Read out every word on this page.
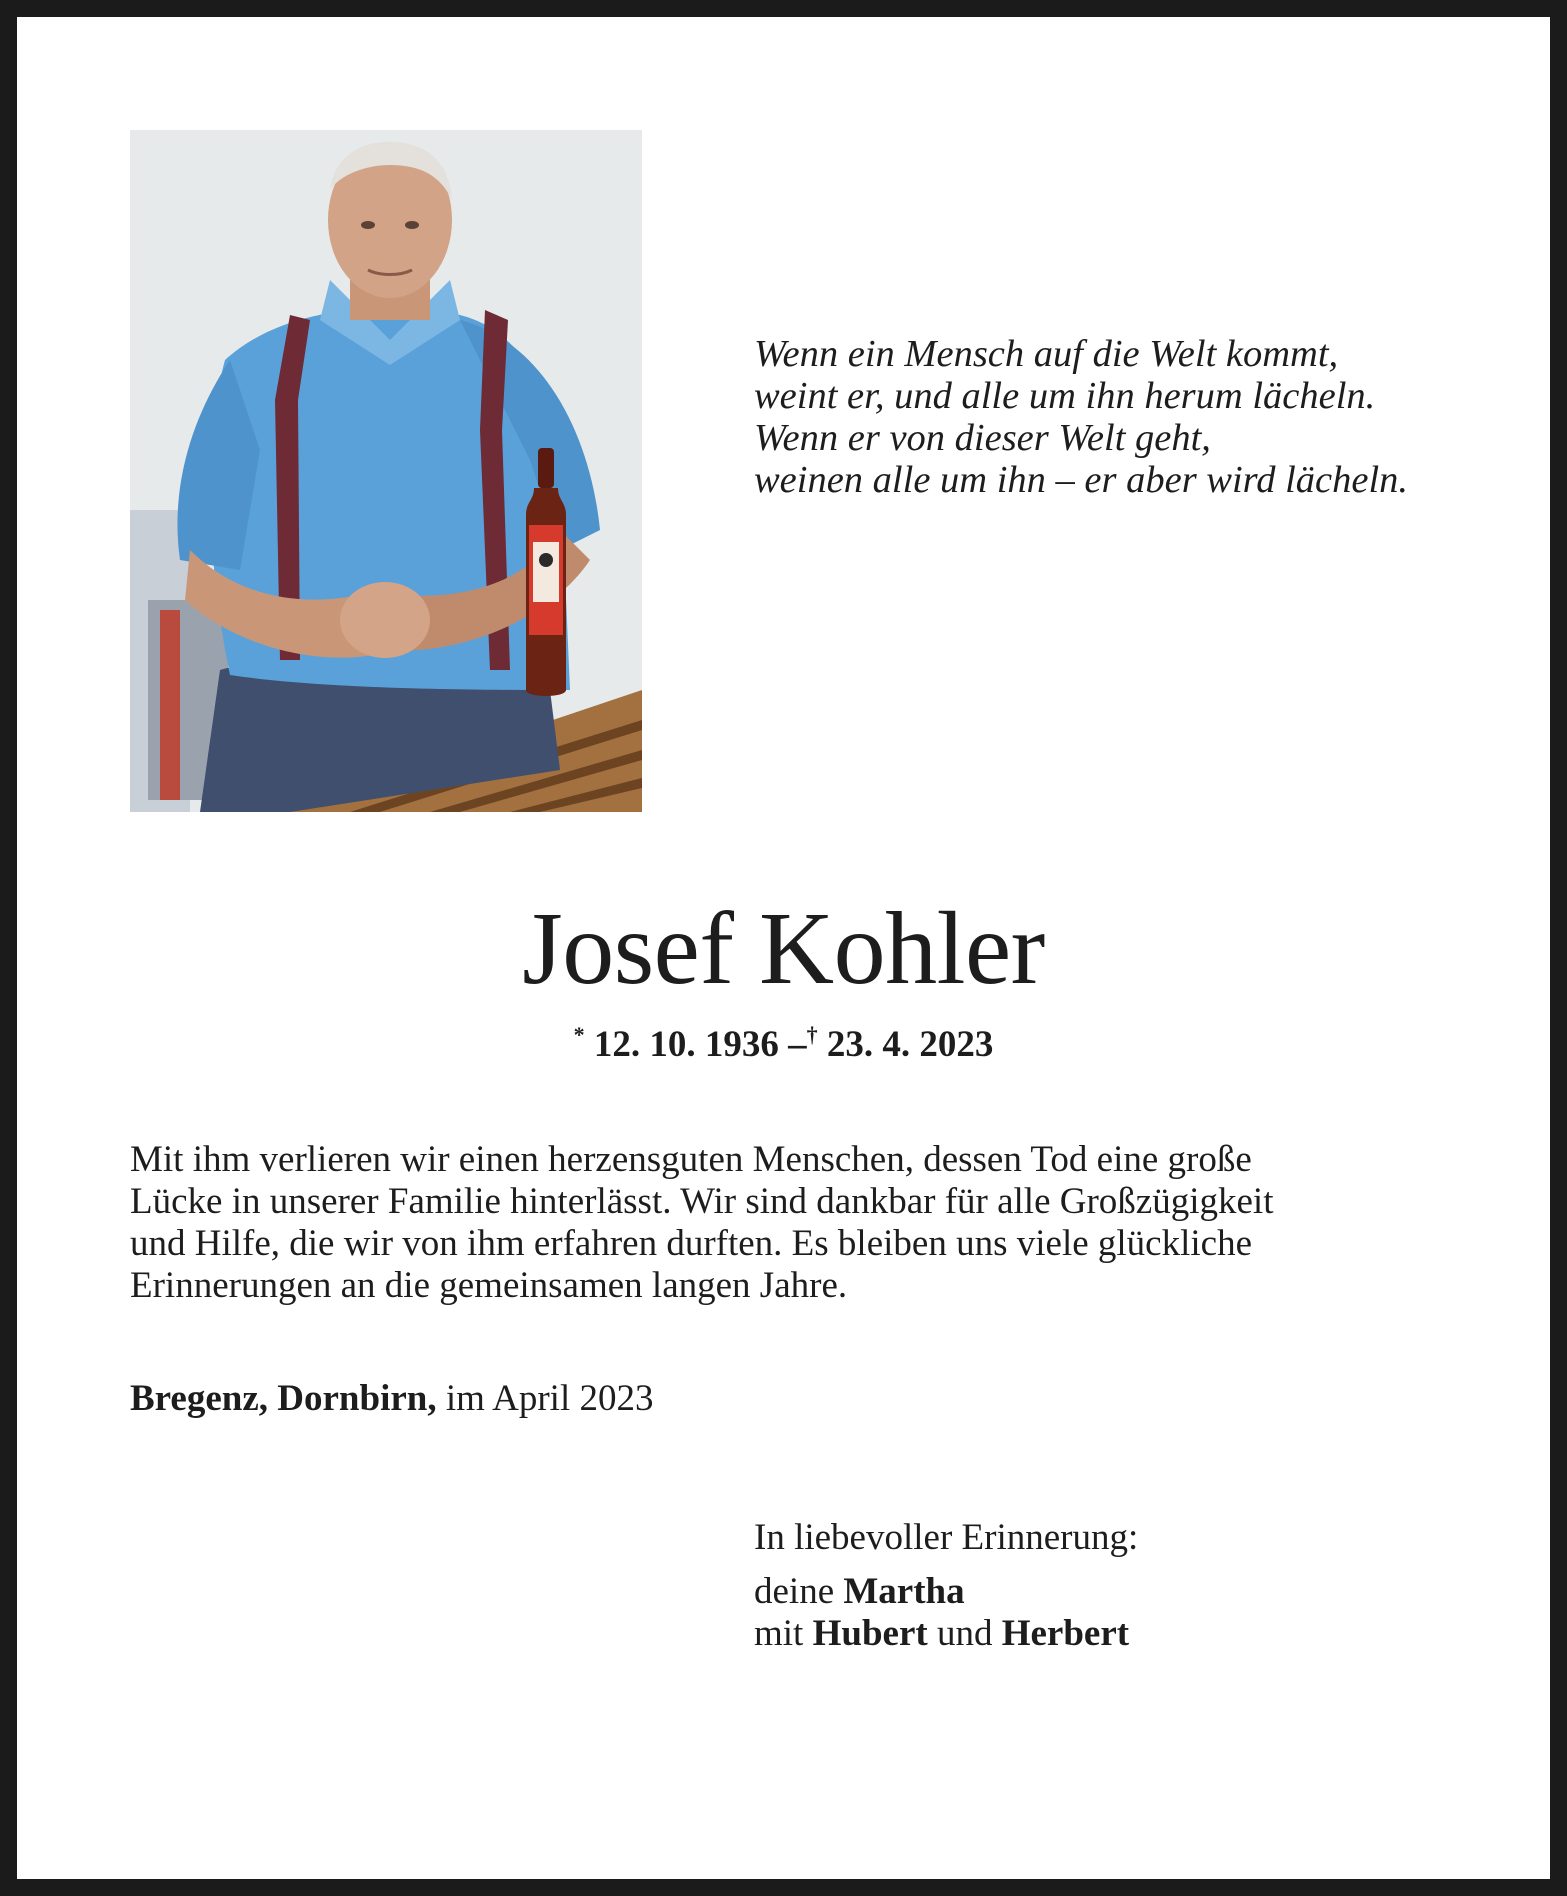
Wenn ein Mensch auf die Welt kommt,
weint er, und alle um ihn herum lächeln.
Wenn er von dieser Welt geht,
weinen alle um ihn – er aber wird lächeln.
Josef Kohler
* 12. 10. 1936 –† 23. 4. 2023
Mit ihm verlieren wir einen herzensguten Menschen, dessen Tod eine große
Lücke in unserer Familie hinterlässt. Wir sind dankbar für alle Großzügigkeit
und Hilfe, die wir von ihm erfahren durften. Es bleiben uns viele glückliche
Erinnerungen an die gemeinsamen langen Jahre.
Bregenz, Dornbirn, im April 2023
In liebevoller Erinnerung:
deine Martha
mit Hubert und Herbert
